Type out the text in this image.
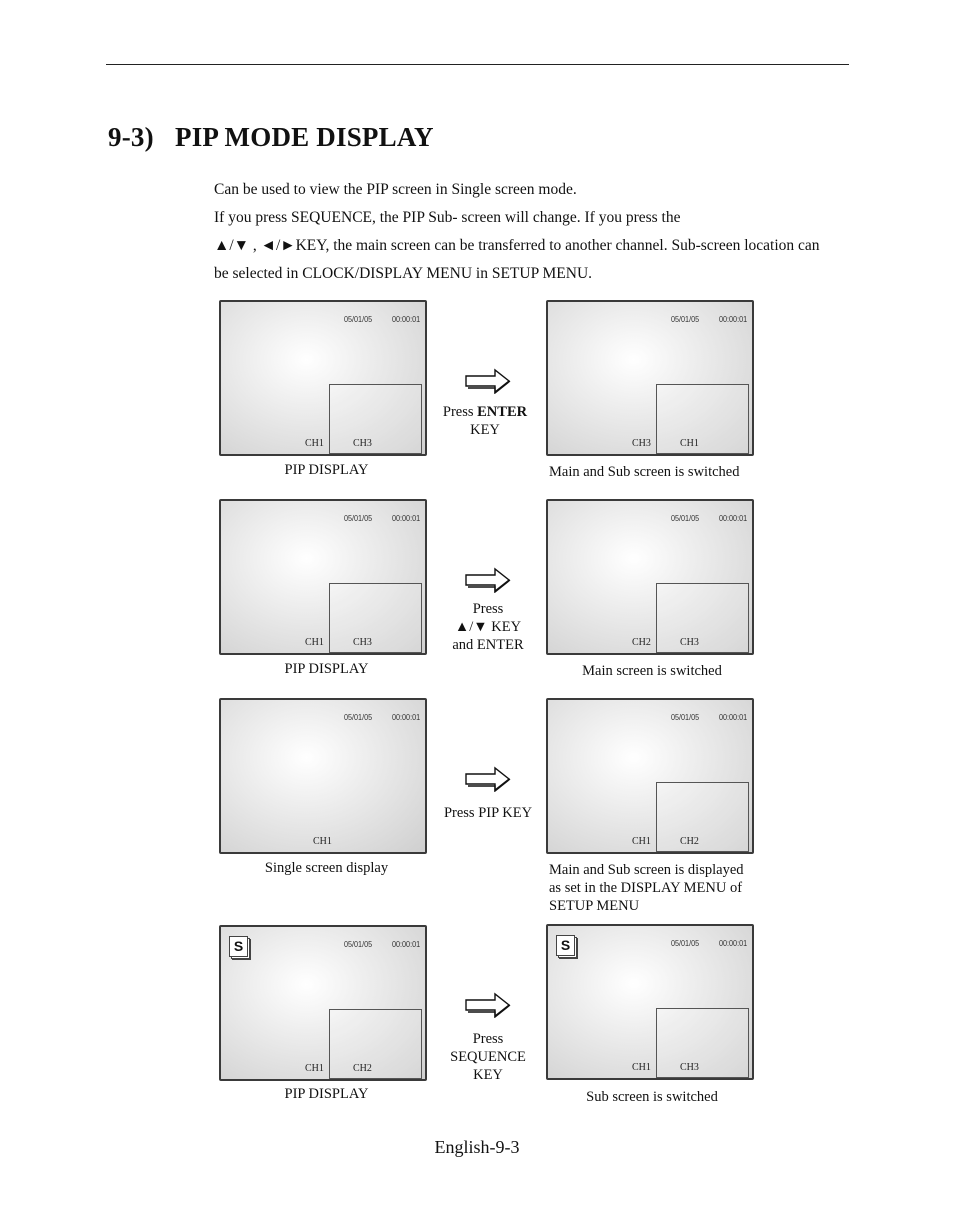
9-3) PIP MODE DISPLAY

Can be used to view the PIP screen in Single screen mode.

If you press SEQUENCE, the PIP Sub- screen will change. If you press the

▲/▼ , ◄/►KEY, the main screen can be transferred to another channel. Sub-screen location can

be selected in CLOCK/DISPLAY MENU in SETUP MENU.

05/01/05 00:00:01
CH1	CH3
PIP DISPLAY
Press ENTER
KEY
05/01/05 00:00:01
CH3	CH1
Main and Sub screen is switched
05/01/05 00:00:01
CH1	CH3
PIP DISPLAY
Press
▲/▼ KEY
and ENTER
05/01/05 00:00:01
CH2	CH3
Main screen is switched
05/01/05 00:00:01
CH1
Single screen display
Press PIP KEY
05/01/05 00:00:01
CH1	CH2
Main and Sub screen is displayed
as set in the DISPLAY MENU of
SETUP MENU
S	05/01/05 00:00:01
CH1	CH2
PIP DISPLAY
Press
SEQUENCE
KEY
S	05/01/05 00:00:01
CH1	CH3
Sub screen is switched
English-9-3
